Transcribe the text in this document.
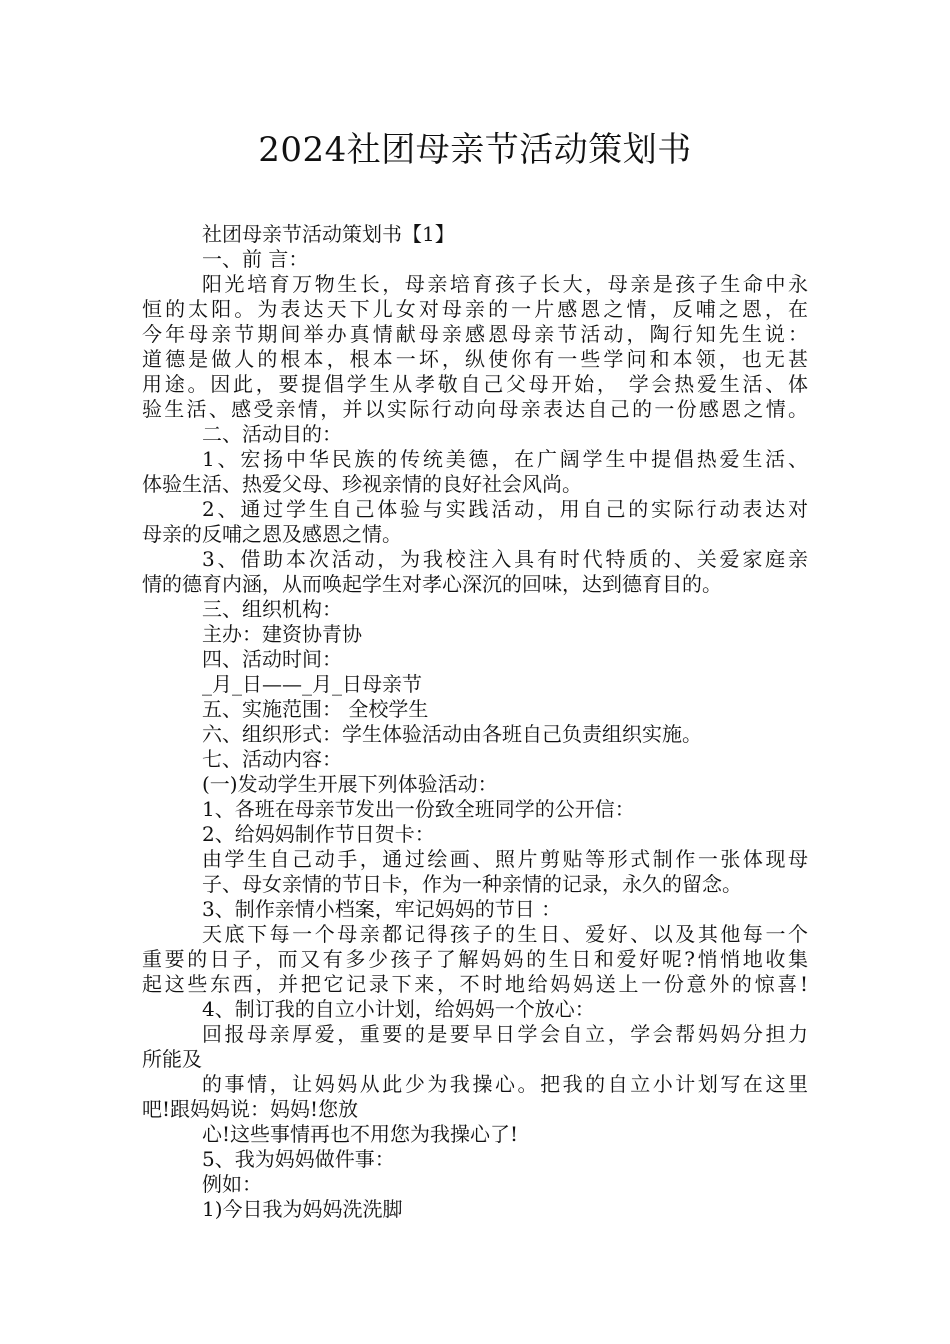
2024社团母亲节活动策划书
社团母亲节活动策划书【1】
一、前 言：
阳光培育万物生长，母亲培育孩子长大，母亲是孩子生命中永
恒的太阳。为表达天下儿女对母亲的一片感恩之情，反哺之恩，在
今年母亲节期间举办真情献母亲感恩母亲节活动，陶行知先生说：
道德是做人的根本，根本一坏，纵使你有一些学问和本领，也无甚
用途。因此，要提倡学生从孝敬自己父母开始， 学会热爱生活、体
验生活、感受亲情，并以实际行动向母亲表达自己的一份感恩之情。
二、活动目的：
1、宏扬中华民族的传统美德，在广阔学生中提倡热爱生活、
体验生活、热爱父母、珍视亲情的良好社会风尚。
2、通过学生自己体验与实践活动，用自己的实际行动表达对
母亲的反哺之恩及感恩之情。
3、借助本次活动，为我校注入具有时代特质的、关爱家庭亲
情的德育内涵，从而唤起学生对孝心深沉的回味，达到德育目的。
三、组织机构：
主办：建资协青协
四、活动时间：
_月_日——_月_日母亲节
五、实施范围： 全校学生
六、组织形式：学生体验活动由各班自己负责组织实施。
七、活动内容：
(一)发动学生开展下列体验活动：
1、各班在母亲节发出一份致全班同学的公开信：
2、给妈妈制作节日贺卡：
由学生自己动手，通过绘画、照片剪贴等形式制作一张体现母
子、母女亲情的节日卡，作为一种亲情的记录，永久的留念。
3、制作亲情小档案，牢记妈妈的节日 ：
天底下每一个母亲都记得孩子的生日、爱好、以及其他每一个
重要的日子，而又有多少孩子了解妈妈的生日和爱好呢?悄悄地收集
起这些东西，并把它记录下来，不时地给妈妈送上一份意外的惊喜!
4、制订我的自立小计划，给妈妈一个放心：
回报母亲厚爱，重要的是要早日学会自立，学会帮妈妈分担力
所能及
的事情，让妈妈从此少为我操心。把我的自立小计划写在这里
吧!跟妈妈说：妈妈!您放
心!这些事情再也不用您为我操心了!
5、我为妈妈做件事：
例如：
1)今日我为妈妈洗洗脚
